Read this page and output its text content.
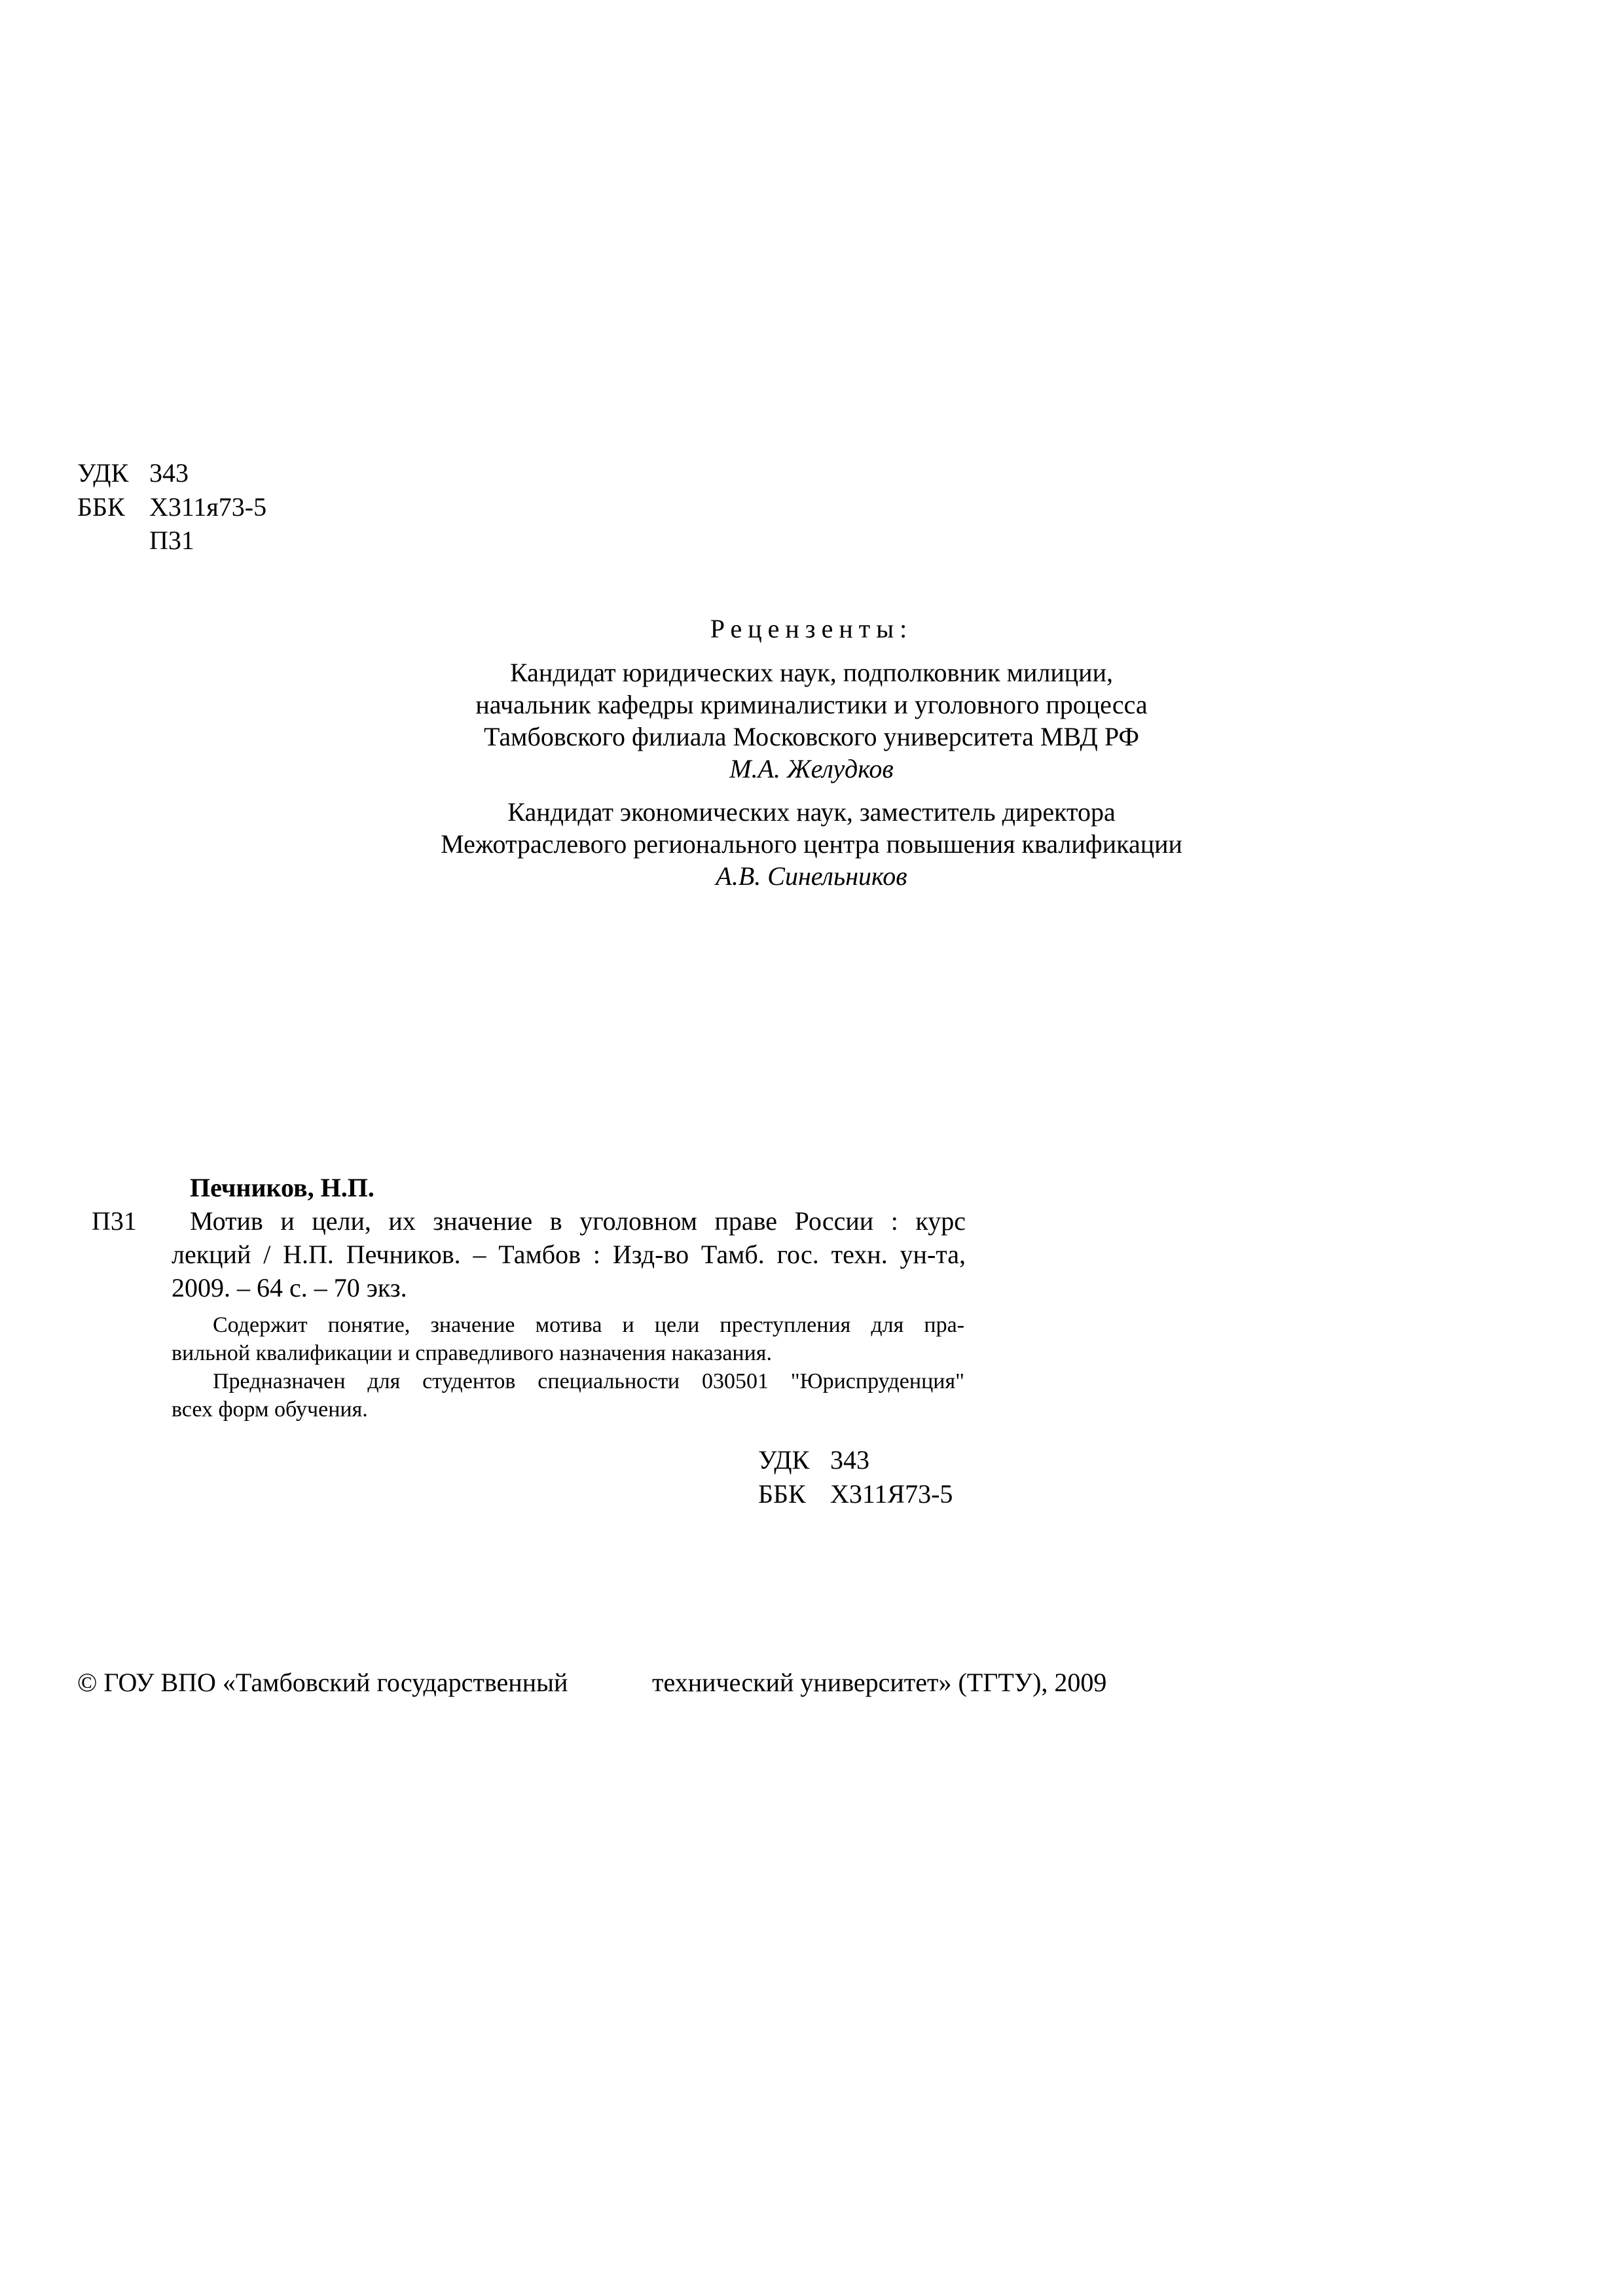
УДК 343
ББК Х311я73-5
П31
Рецензенты:
Кандидат юридических наук, подполковник милиции,
начальник кафедры криминалистики и уголовного процесса
Тамбовского филиала Московского университета МВД РФ
М.А. Желудков
Кандидат экономических наук, заместитель директора
Межотраслевого регионального центра повышения квалификации
А.В. Синельников
Печников, Н.П.
П31 Мотив и цели, их значение в уголовном праве России : курс
лекций / Н.П. Печников. – Тамбов : Изд-во Тамб. гос. техн. ун-та,
2009. – 64 с. – 70 экз.
Содержит понятие, значение мотива и цели преступления для пра-
вильной квалификации и справедливого назначения наказания.
Предназначен для студентов специальности 030501 "Юриспруденция"
всех форм обучения.
УДК 343
ББК Х311Я73-5
© ГОУ ВПО «Тамбовский государственный	технический университет» (ТГТУ), 2009
